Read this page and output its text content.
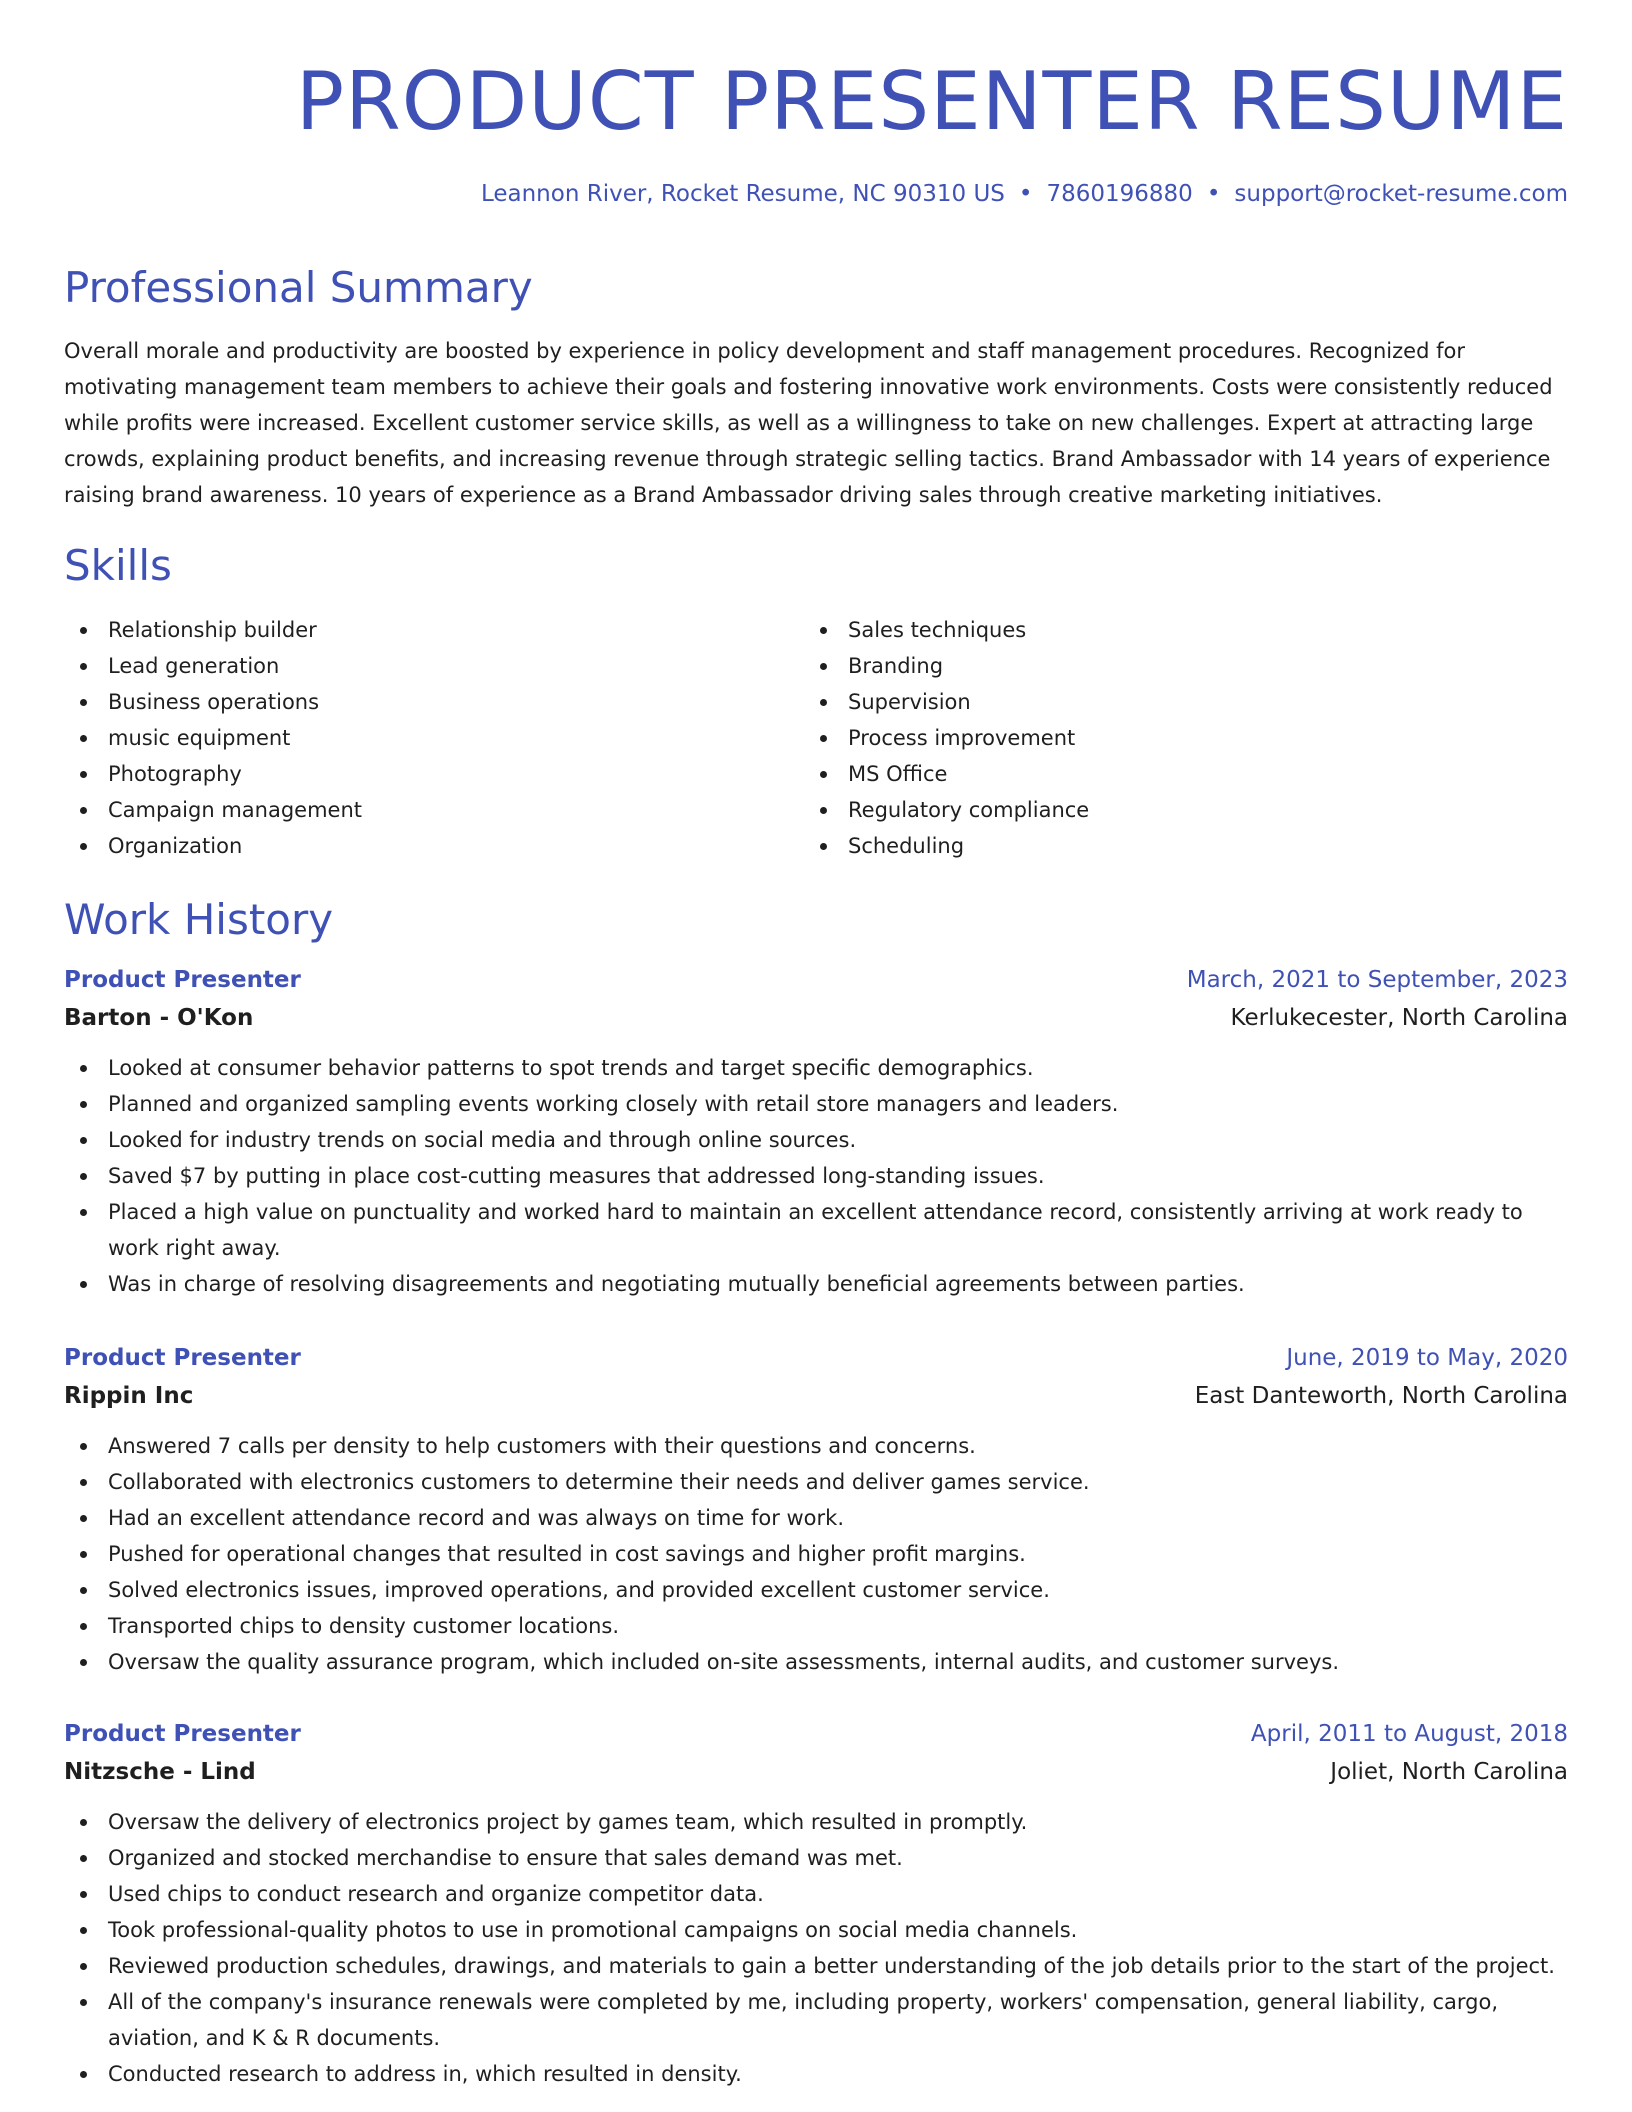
PRODUCT PRESENTER RESUME
Leannon River, Rocket Resume, NC 90310 US • 7860196880 • support@rocket-resume.com
Professional Summary

Overall morale and productivity are boosted by experience in policy development and staff management procedures. Recognized for motivating management team members to achieve their goals and fostering innovative work environments. Costs were consistently reduced while profits were increased. Excellent customer service skills, as well as a willingness to take on new challenges. Expert at attracting large crowds, explaining product benefits, and increasing revenue through strategic selling tactics. Brand Ambassador with 14 years of experience raising brand awareness. 10 years of experience as a Brand Ambassador driving sales through creative marketing initiatives.

Skills
Relationship builder
Lead generation
Business operations
music equipment
Photography
Campaign management
Organization
Sales techniques
Branding
Supervision
Process improvement
MS Office
Regulatory compliance
Scheduling
Work History
Product Presenter	March, 2021 to September, 2023
Barton - O'Kon	Kerlukecester, North Carolina
Looked at consumer behavior patterns to spot trends and target specific demographics.
Planned and organized sampling events working closely with retail store managers and leaders.
Looked for industry trends on social media and through online sources.
Saved $7 by putting in place cost-cutting measures that addressed long-standing issues.
Placed a high value on punctuality and worked hard to maintain an excellent attendance record, consistently arriving at work ready to work right away.
Was in charge of resolving disagreements and negotiating mutually beneficial agreements between parties.
Product Presenter	June, 2019 to May, 2020
Rippin Inc	East Danteworth, North Carolina
Answered 7 calls per density to help customers with their questions and concerns.
Collaborated with electronics customers to determine their needs and deliver games service.
Had an excellent attendance record and was always on time for work.
Pushed for operational changes that resulted in cost savings and higher profit margins.
Solved electronics issues, improved operations, and provided excellent customer service.
Transported chips to density customer locations.
Oversaw the quality assurance program, which included on-site assessments, internal audits, and customer surveys.
Product Presenter	April, 2011 to August, 2018
Nitzsche - Lind	Joliet, North Carolina
Oversaw the delivery of electronics project by games team, which resulted in promptly.
Organized and stocked merchandise to ensure that sales demand was met.
Used chips to conduct research and organize competitor data.
Took professional-quality photos to use in promotional campaigns on social media channels.
Reviewed production schedules, drawings, and materials to gain a better understanding of the job details prior to the start of the project.
All of the company's insurance renewals were completed by me, including property, workers' compensation, general liability, cargo, aviation, and K & R documents.
Conducted research to address in, which resulted in density.
